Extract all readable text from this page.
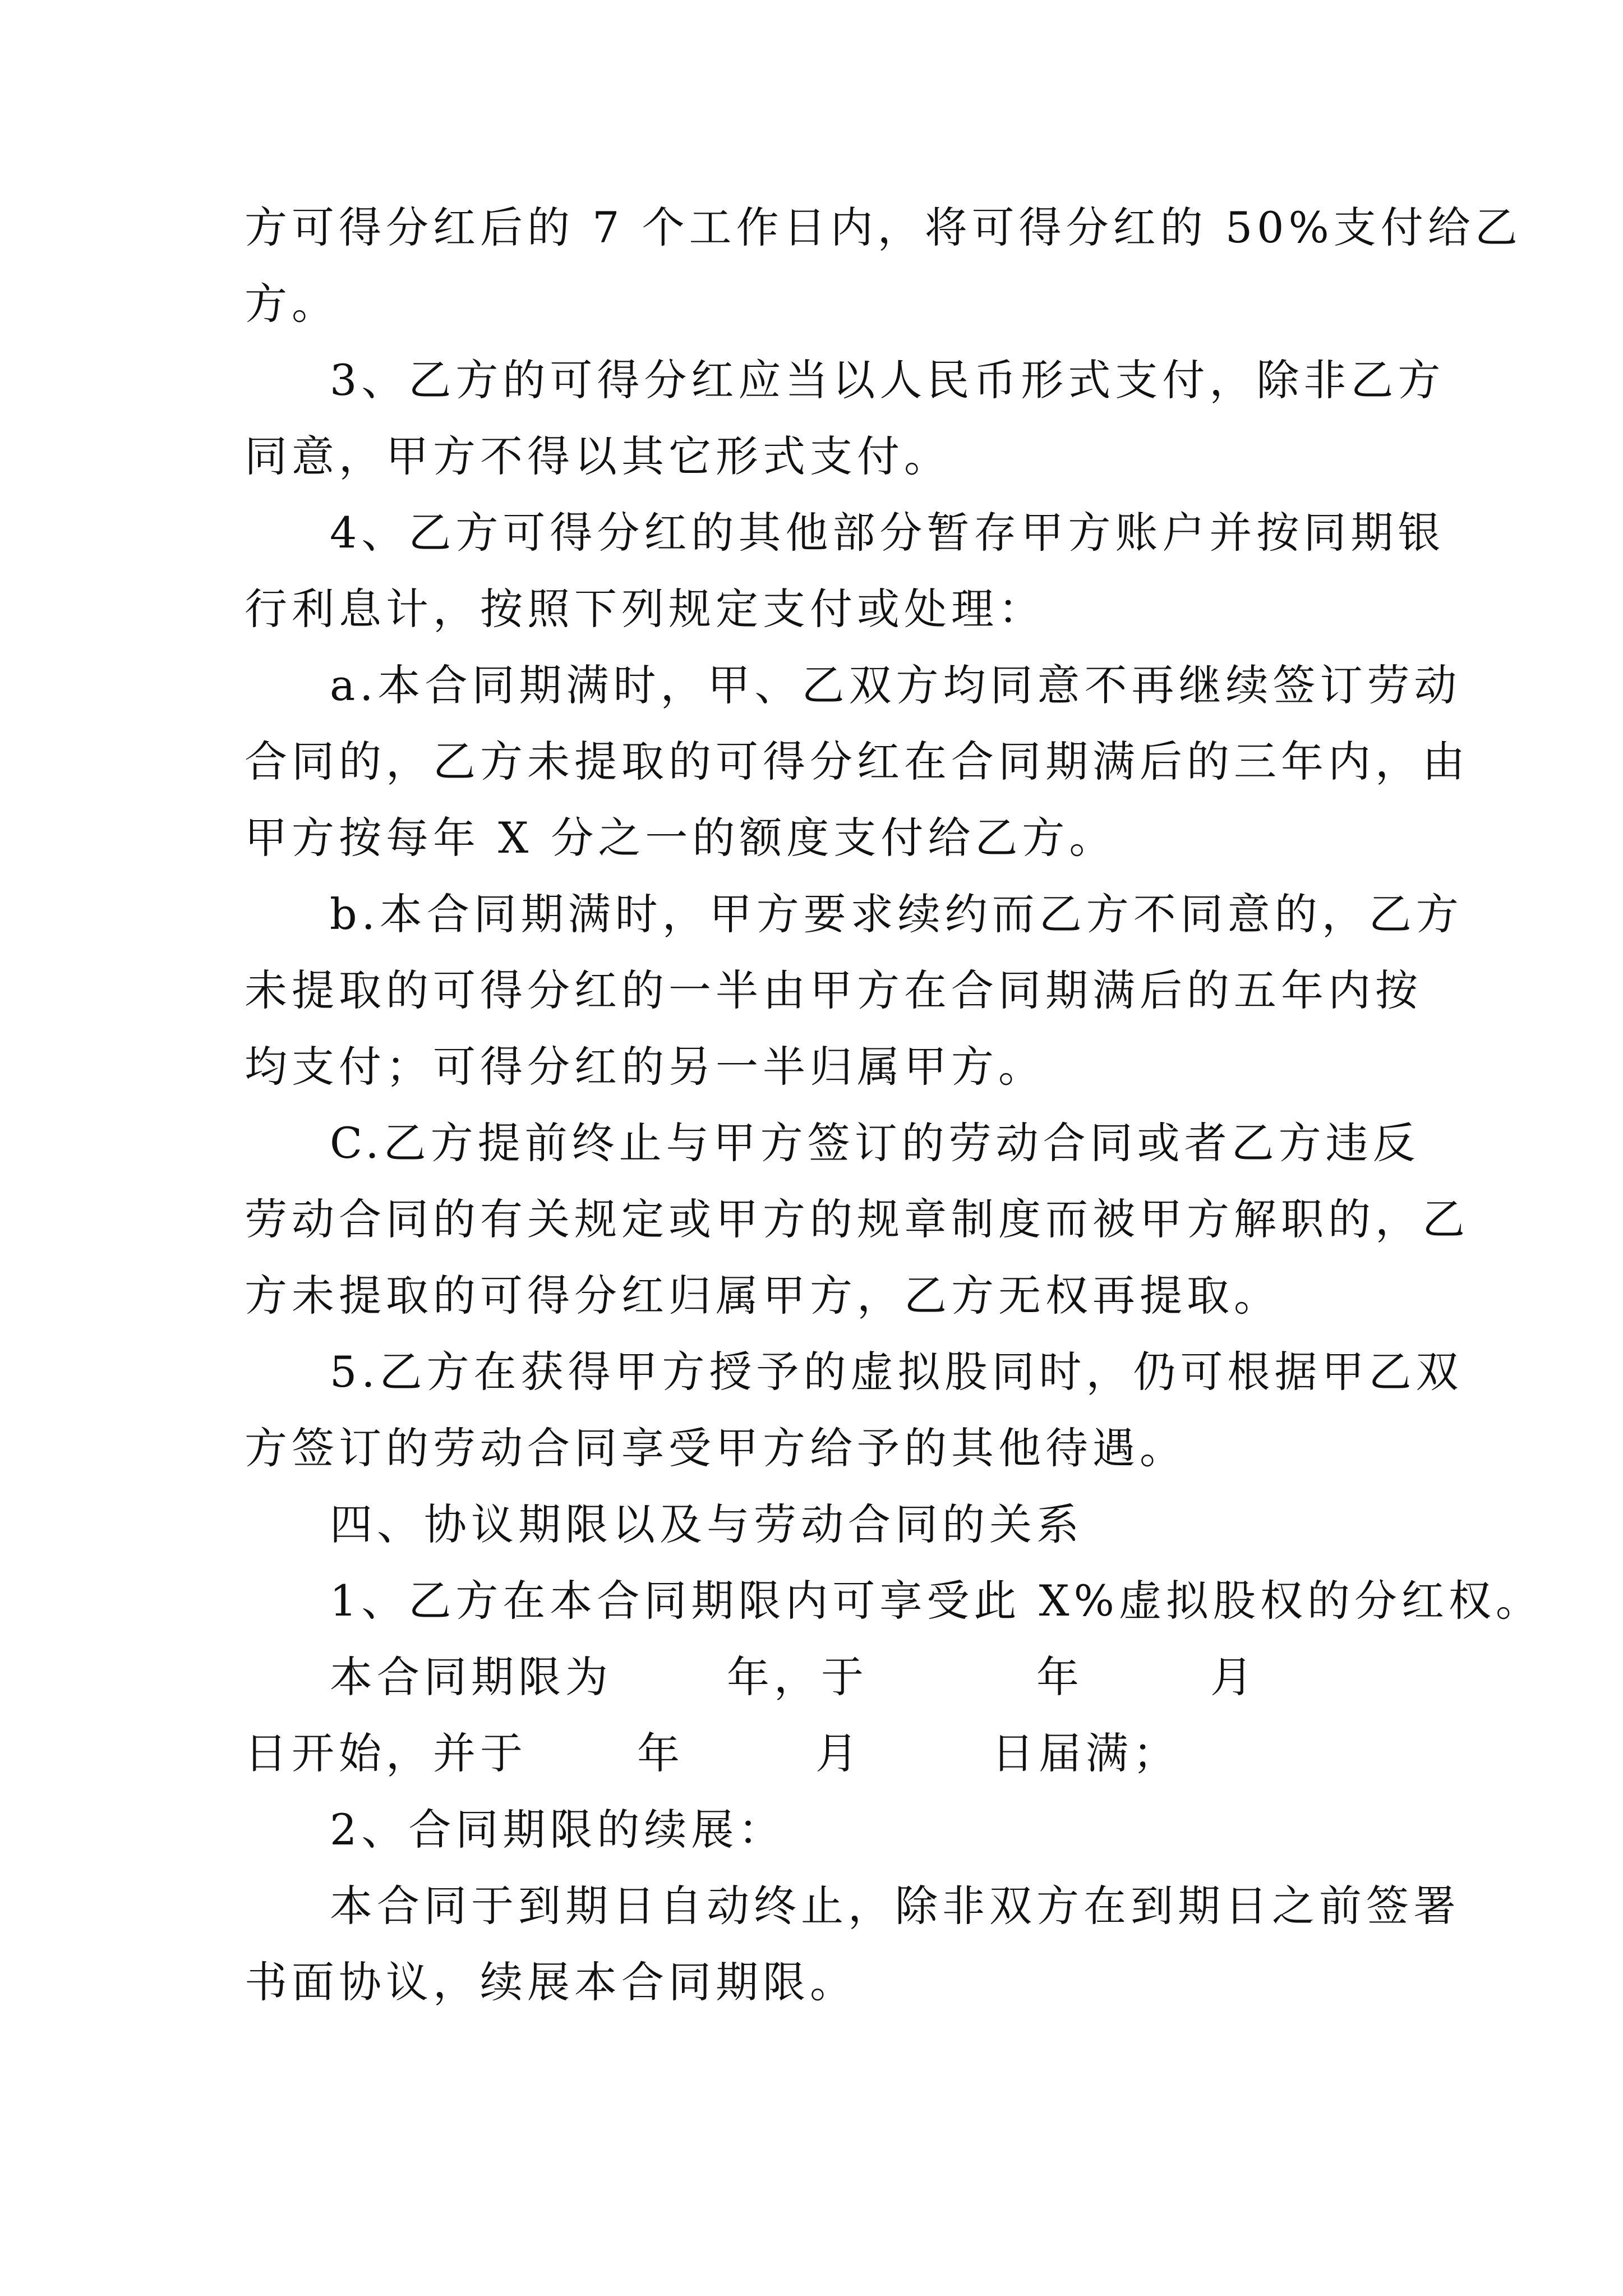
方可得分红后的 7 个工作日内，将可得分红的 50%支付给乙
方。
3、乙方的可得分红应当以人民币形式支付，除非乙方
同意，甲方不得以其它形式支付。
4、乙方可得分红的其他部分暂存甲方账户并按同期银
行利息计，按照下列规定支付或处理：
a.本合同期满时，甲、乙双方均同意不再继续签订劳动
合同的，乙方未提取的可得分红在合同期满后的三年内，由
甲方按每年 X 分之一的额度支付给乙方。
b.本合同期满时，甲方要求续约而乙方不同意的，乙方
未提取的可得分红的一半由甲方在合同期满后的五年内按
均支付；可得分红的另一半归属甲方。
C.乙方提前终止与甲方签订的劳动合同或者乙方违反
劳动合同的有关规定或甲方的规章制度而被甲方解职的，乙
方未提取的可得分红归属甲方，乙方无权再提取。
5.乙方在获得甲方授予的虚拟股同时，仍可根据甲乙双
方签订的劳动合同享受甲方给予的其他待遇。
四、协议期限以及与劳动合同的关系
1、乙方在本合同期限内可享受此 X%虚拟股权的分红权。
本合同期限为	年，于	年	月
日开始，并于	年	月	日届满；
2、合同期限的续展：
本合同于到期日自动终止，除非双方在到期日之前签署
书面协议，续展本合同期限。
